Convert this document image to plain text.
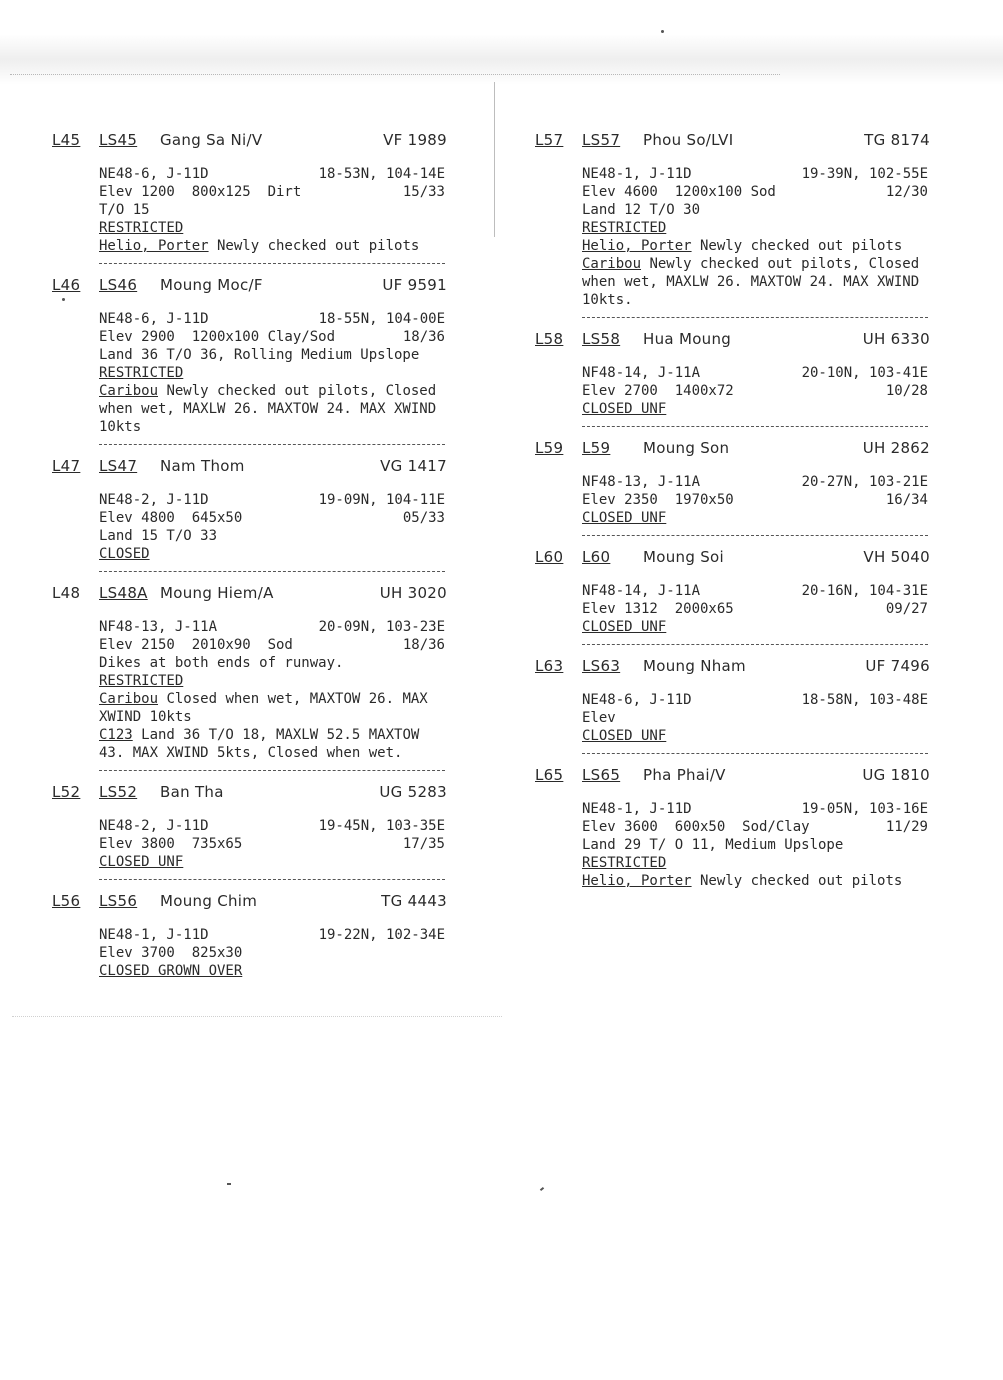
L45 LS45 Gang Sa Ni/V	VF 1989
NE48-6, J-11D	18-53N, 104-14E
Elev 1200  800x125  Dirt	15/33
T/O 15
RESTRICTED
Helio, Porter Newly checked out pilots
L46 LS46 Moung Moc/F	UF 9591
NE48-6, J-11D	18-55N, 104-00E
Elev 2900  1200x100 Clay/Sod	18/36
Land 36 T/O 36, Rolling Medium Upslope
RESTRICTED
Caribou Newly checked out pilots, Closed when wet, MAXLW 26. MAXTOW 24. MAX XWIND 10kts
L47 LS47 Nam Thom	VG 1417
NE48-2, J-11D	19-09N, 104-11E
Elev 4800  645x50	05/33
Land 15 T/O 33
CLOSED
L48 LS48A Moung Hiem/A	UH 3020
NF48-13, J-11A	20-09N, 103-23E
Elev 2150  2010x90  Sod	18/36
Dikes at both ends of runway.
RESTRICTED
Caribou Closed when wet, MAXTOW 26. MAX XWIND 10kts
C123 Land 36 T/O 18, MAXLW 52.5 MAXTOW 43. MAX XWIND 5kts, Closed when wet.
L52 LS52 Ban Tha	UG 5283
NE48-2, J-11D	19-45N, 103-35E
Elev 3800  735x65	17/35
CLOSED UNF
L56 LS56 Moung Chim	TG 4443
NE48-1, J-11D	19-22N, 102-34E
Elev 3700  825x30
CLOSED GROWN OVER
L57 LS57 Phou So/LVI	TG 8174
NE48-1, J-11D	19-39N, 102-55E
Elev 4600  1200x100 Sod	12/30
Land 12 T/O 30
RESTRICTED
Helio, Porter Newly checked out pilots
Caribou Newly checked out pilots, Closed when wet, MAXLW 26. MAXTOW 24. MAX XWIND 10kts.
L58 LS58 Hua Moung	UH 6330
NF48-14, J-11A	20-10N, 103-41E
Elev 2700  1400x72	10/28
CLOSED UNF
L59 L59 Moung Son	UH 2862
NF48-13, J-11A	20-27N, 103-21E
Elev 2350  1970x50	16/34
CLOSED UNF
L60 L60 Moung Soi	VH 5040
NF48-14, J-11A	20-16N, 104-31E
Elev 1312  2000x65	09/27
CLOSED UNF
L63 LS63 Moung Nham	UF 7496
NE48-6, J-11D	18-58N, 103-48E
Elev
CLOSED UNF
L65 LS65 Pha Phai/V	UG 1810
NE48-1, J-11D	19-05N, 103-16E
Elev 3600  600x50  Sod/Clay	11/29
Land 29 T/ O 11, Medium Upslope
RESTRICTED
Helio, Porter Newly checked out pilots
